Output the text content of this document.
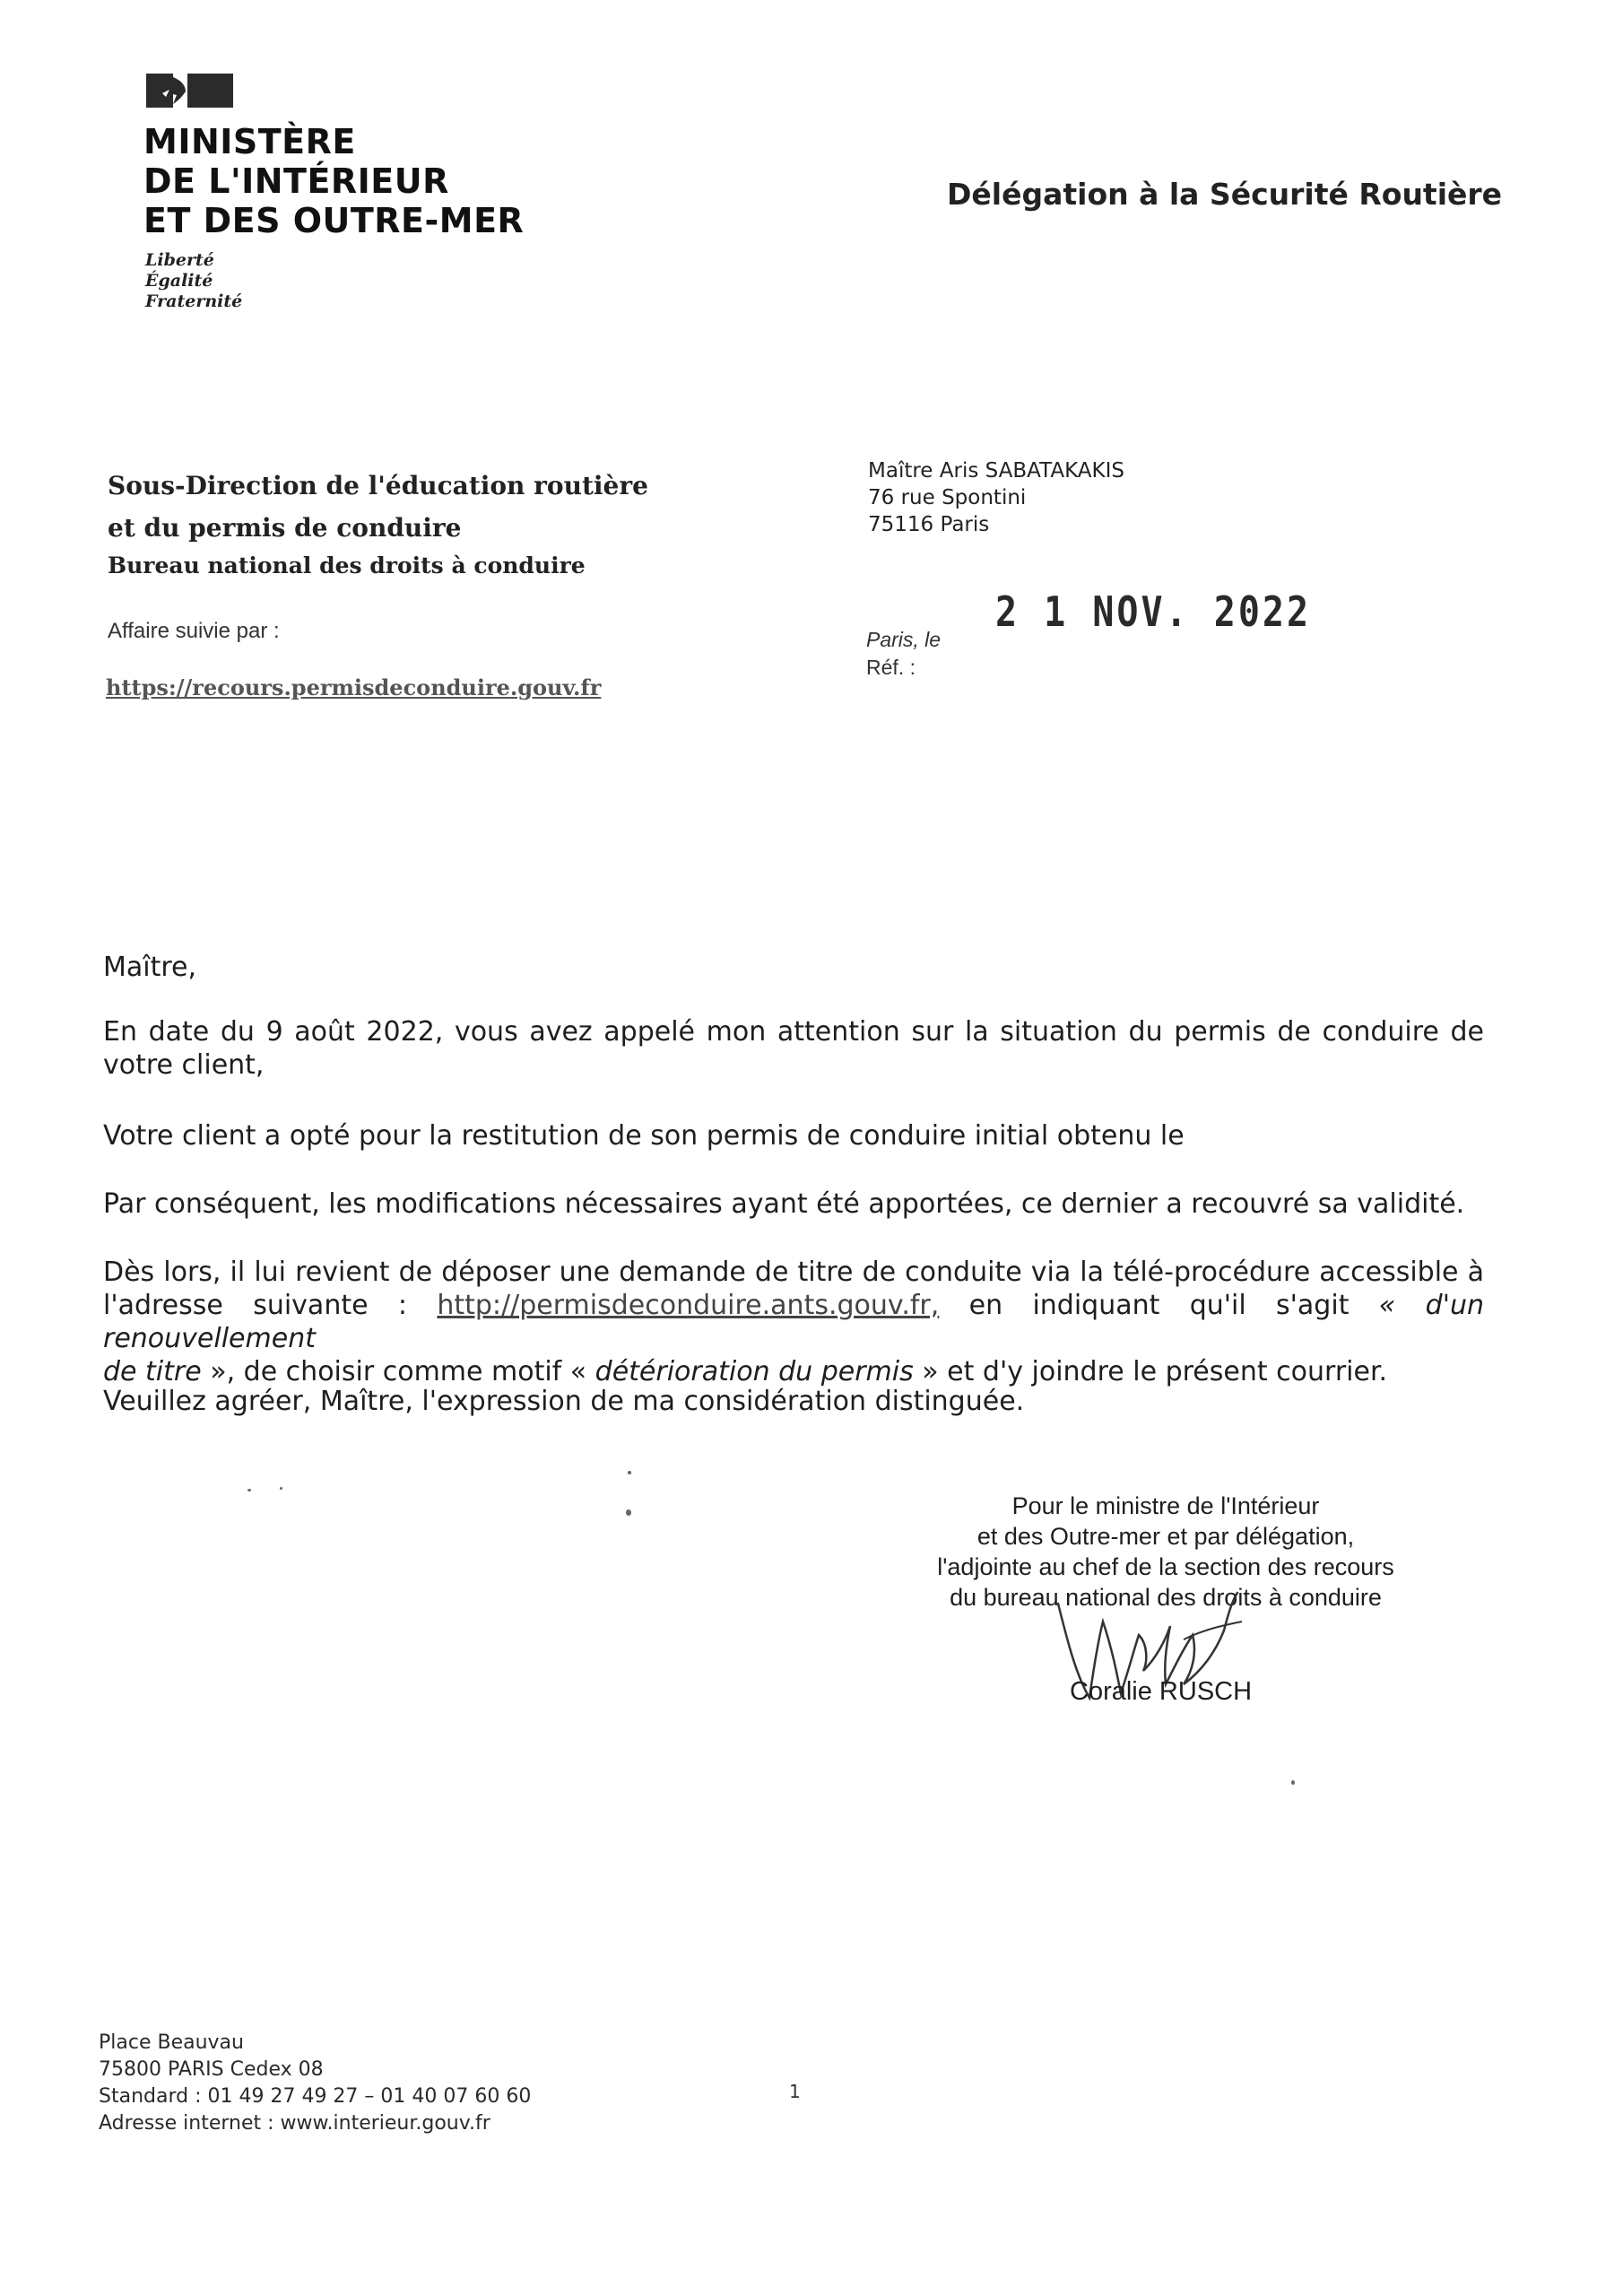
MINISTÈRE
DE L'INTÉRIEUR
ET DES OUTRE-MER
Liberté
Égalité
Fraternité
Délégation à la Sécurité Routière
Sous-Direction de l'éducation routière
et du permis de conduire
Bureau national des droits à conduire
Affaire suivie par :
https://recours.permisdeconduire.gouv.fr
Maître Aris SABATAKAKIS
76 rue Spontini
75116 Paris
2 1 NOV. 2022
Paris, le
Réf. :

Maître,

En date du 9 août 2022, vous avez appelé mon attention sur la situation du permis de conduire de votre client,

Votre client a opté pour la restitution de son permis de conduire initial obtenu le

Par conséquent, les modifications nécessaires ayant été apportées, ce dernier a recouvré sa validité.

Dès lors, il lui revient de déposer une demande de titre de conduite via la télé-procédure accessible à
l'adresse suivante : http://permisdeconduire.ants.gouv.fr, en indiquant qu'il s'agit « d'un renouvellement
de titre », de choisir comme motif « détérioration du permis » et d'y joindre le présent courrier.

Veuillez agréer, Maître, l'expression de ma considération distinguée.

Pour le ministre de l'Intérieur
et des Outre-mer et par délégation,
l'adjointe au chef de la section des recours
du bureau national des droits à conduire
Coralie RUSCH
Place Beauvau
75800 PARIS Cedex 08
Standard : 01 49 27 49 27 – 01 40 07 60 60
Adresse internet : www.interieur.gouv.fr
1
